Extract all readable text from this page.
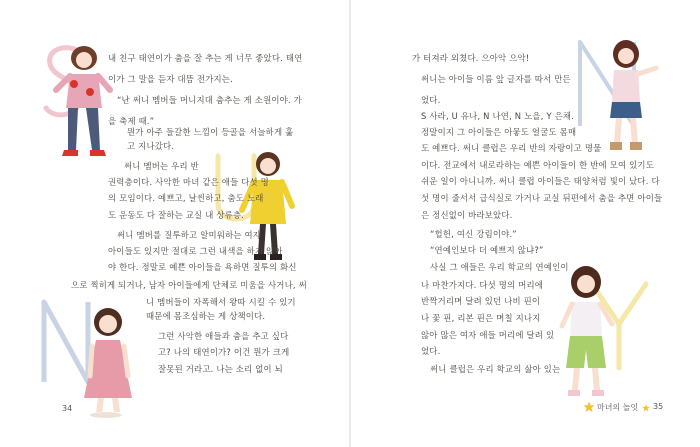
내 친구 태연이가 춤을 잘 추는 게 너무 좋았다. 태연
이가 그 말을 듣자 대뜸 전가지는.
“난 써니 멤버들 머니지대 춤추는 게 소원이야. 가
을 축제 때.”
뭔가 아주 들갈한 느낌이 등골을 서늘하게 훑
고 지나갔다.
써니 멤버는 우리 반
권력층이다. 사악한 마녀 같은 애들 다섯 명
의 모임이다. 예쁘고, 날씬하고, 춤도 노래
도 운동도 다 잘하는 교실 내 상류층.
써니 멤버를 질투하고 알미워하는 여자
아이들도 있지만 절대로 그런 내색을 하지 않아
야 한다. 정말로 예쁜 아이들을 욕하면 질투의 화신
으로 찍히게 되거나, 남자 아이들에게 단체로 미움을 사거나, 써
니 멤버들이 자폭해서 왕따 시킬 수 있기
때문에 몸조심하는 게 상책이다.
그런 사악한 애들과 춤을 추고 싶다
고? 나의 태연이가? 이건 뭔가 크게
잘못된 거라고. 나는 소리 없이 뇌
34
가 터져라 외쳤다. 으아악 으악!
써니는 아이들 이름 앞 글자를 따서 만든
었다.
S 사라, U 유나, N 나연, N 노을, Y 은채.
정말이지 그 아이들은 아뭏도 얼굴도 몸매
도 예쁘다. 써니 클럽은 우리 반의 자랑이고 명물
이다. 전교에서 내로라하는 예쁜 아이들이 한 반에 모여 있기도
쉬운 일이 아니니까. 써니 클럽 아이들은 태양처럼 빛이 났다. 다
섯 명이 줄서서 급식실로 가거나 교실 뒤편에서 춤을 추면 아이들
은 정신없이 바라보았다.
“헐헌, 여신 강림이야.”
“연예인보다 더 예쁘지 않냐?”
사실 그 애들은 우리 학교의 연예인이
나 마찬가지다. 다섯 명의 머리에
반짝거리며 달려 있던 나비 핀이
나 꽃 핀, 리본 핀은 며칠 지나지
않아 많은 여자 애들 머리에 달려 있
었다.
써니 클럽은 우리 학교의 삶아 있는
마녀의 놀잇 35
